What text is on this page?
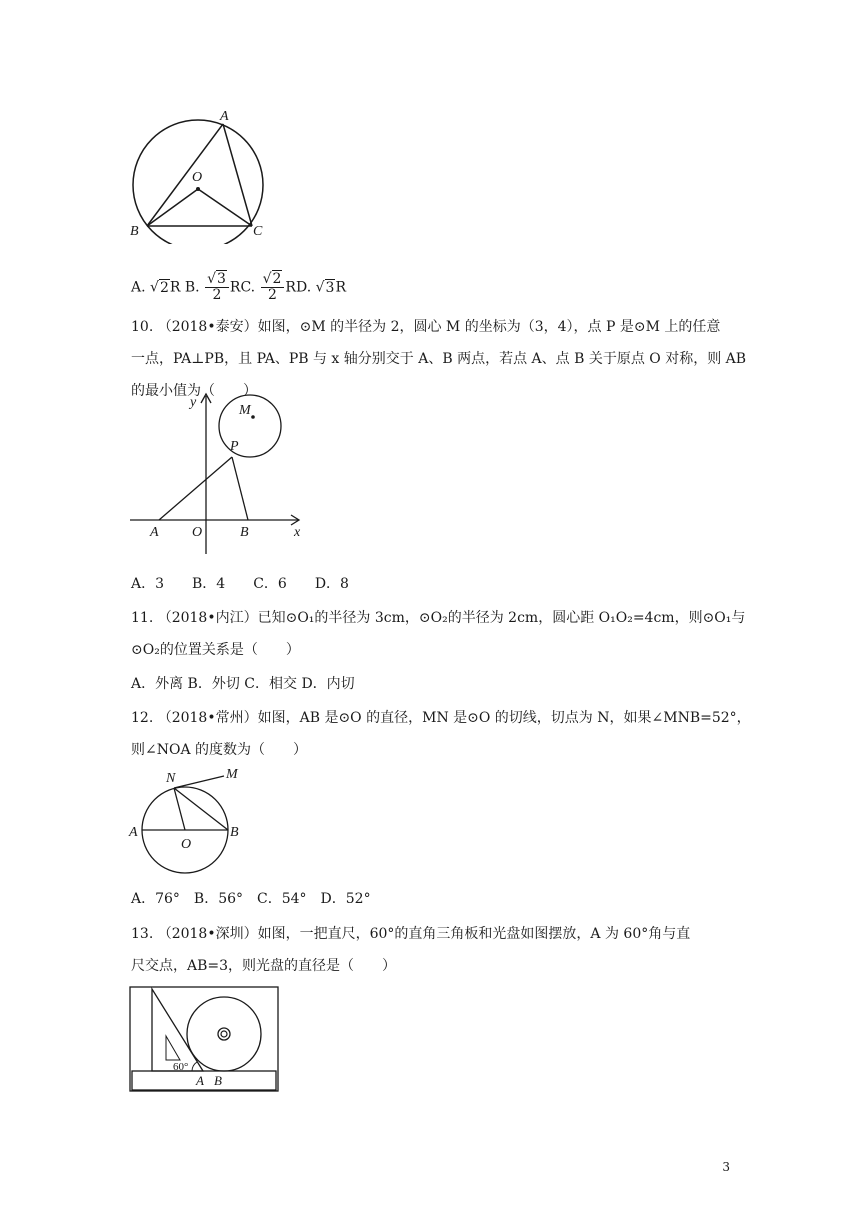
A
O
B	C
A. √2R B. $\frac{√3}{2}$ RC. $\frac{√2}{2}$ RD. √3R
10. （2018•泰安）如图，⊙M 的半径为 2，圆心 M 的坐标为（3，4），点 P 是⊙M 上的任意
一点，PA⊥PB，且 PA、PB 与 x 轴分别交于 A、B 两点，若点 A、点 B 关于原点 O 对称，则 AB
的最小值为（　　）
y
M
P
A O	B	x
A．3　　B．4　　C．6　　D．8
11. （2018•内江）已知⊙O₁的半径为 3cm，⊙O₂的半径为 2cm，圆心距 O₁O₂=4cm，则⊙O₁与
⊙O₂的位置关系是（　　）
A．外离 B．外切 C．相交 D．内切
12. （2018•常州）如图，AB 是⊙O 的直径，MN 是⊙O 的切线，切点为 N，如果∠MNB=52°，
则∠NOA 的度数为（　　）
N	M
A
O
B
A．76°　B．56°　C．54°　D．52°
13. （2018•深圳）如图，一把直尺，60°的直角三角板和光盘如图摆放，A 为 60°角与直
尺交点，AB=3，则光盘的直径是（　　）
60°
A B
3
